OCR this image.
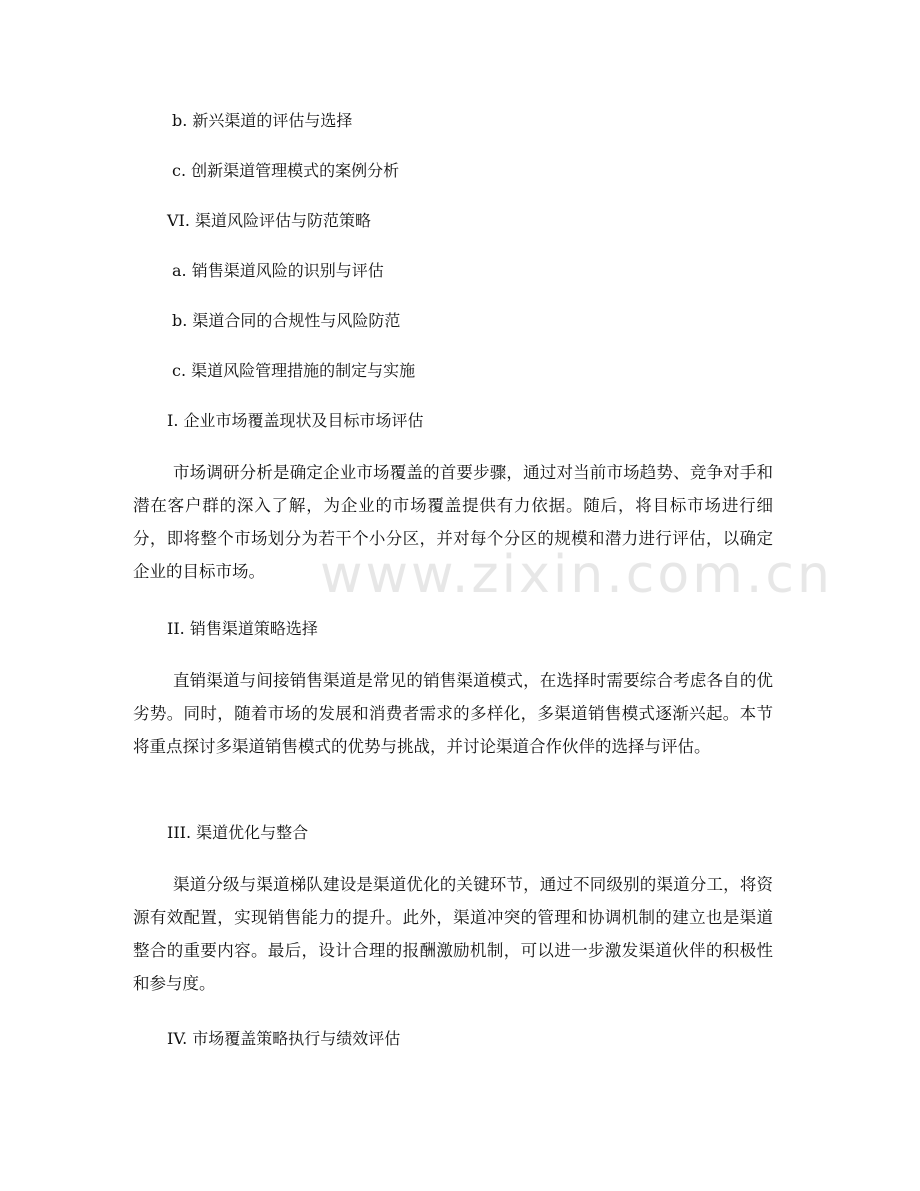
b. 新兴渠道的评估与选择
c. 创新渠道管理模式的案例分析
VI. 渠道风险评估与防范策略
a. 销售渠道风险的识别与评估
b. 渠道合同的合规性与风险防范
c. 渠道风险管理措施的制定与实施
I. 企业市场覆盖现状及目标市场评估
市场调研分析是确定企业市场覆盖的首要步骤，通过对当前市场趋势、竞争对手和潜在客户群的深入了解，为企业的市场覆盖提供有力依据。随后，将目标市场进行细分，即将整个市场划分为若干个小分区，并对每个分区的规模和潜力进行评估，以确定企业的目标市场。
II. 销售渠道策略选择
直销渠道与间接销售渠道是常见的销售渠道模式，在选择时需要综合考虑各自的优劣势。同时，随着市场的发展和消费者需求的多样化，多渠道销售模式逐渐兴起。本节将重点探讨多渠道销售模式的优势与挑战，并讨论渠道合作伙伴的选择与评估。
III. 渠道优化与整合
渠道分级与渠道梯队建设是渠道优化的关键环节，通过不同级别的渠道分工，将资源有效配置，实现销售能力的提升。此外，渠道冲突的管理和协调机制的建立也是渠道整合的重要内容。最后，设计合理的报酬激励机制，可以进一步激发渠道伙伴的积极性和参与度。
IV. 市场覆盖策略执行与绩效评估
www.zixin.com.cn
